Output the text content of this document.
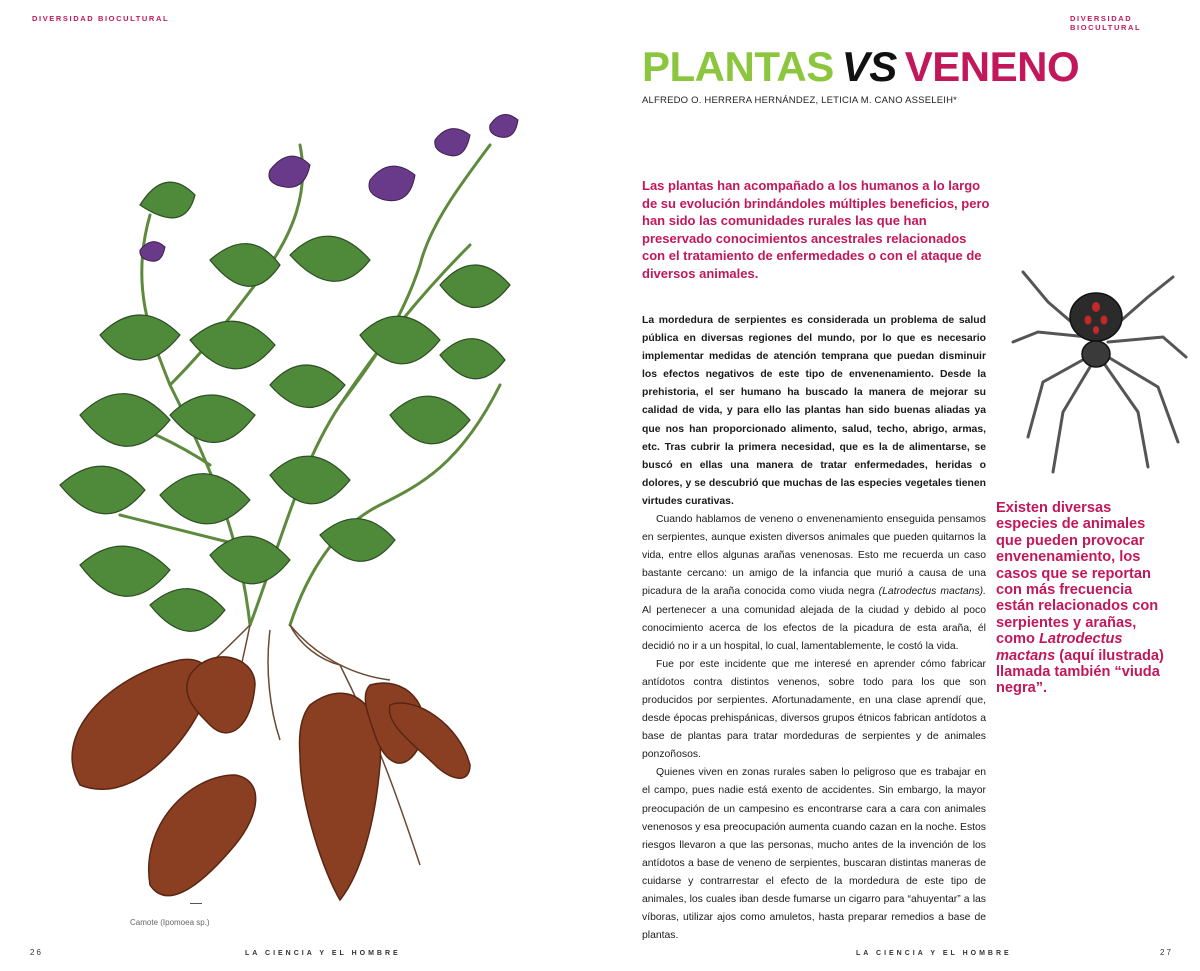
DIVERSIDAD BIOCULTURAL
Camote (Ipomoea sp.)
26	LA CIENCIA Y EL HOMBRE
DIVERSIDAD BIOCULTURAL
PLANTAS VS VENENO
ALFREDO O. HERRERA HERNÁNDEZ, LETICIA M. CANO ASSELEIH*
Las plantas han acompañado a los humanos a lo largo de su evolución brindándoles múltiples beneficios, pero han sido las comunidades rurales las que han preservado conocimientos ancestrales relacionados con el tratamiento de enfermedades o con el ataque de diversos animales.

La mordedura de serpientes es considerada un problema de salud pública en diversas regiones del mundo, por lo que es necesario implementar medidas de atención temprana que puedan disminuir los efectos negativos de este tipo de envenenamiento. Desde la prehistoria, el ser humano ha buscado la manera de mejorar su calidad de vida, y para ello las plantas han sido buenas aliadas ya que nos han proporcionado alimento, salud, techo, abrigo, armas, etc. Tras cubrir la primera necesidad, que es la de alimentarse, se buscó en ellas una manera de tratar enfermedades, heridas o dolores, y se descubrió que muchas de las especies vegetales tienen virtudes curativas.

Cuando hablamos de veneno o envenenamiento enseguida pensamos en serpientes, aunque existen diversos animales que pueden quitarnos la vida, entre ellos algunas arañas venenosas. Esto me recuerda un caso bastante cercano: un amigo de la infancia que murió a causa de una picadura de la araña conocida como viuda negra (Latrodectus mactans). Al pertenecer a una comunidad alejada de la ciudad y debido al poco conocimiento acerca de los efectos de la picadura de esta araña, él decidió no ir a un hospital, lo cual, lamentablemente, le costó la vida.

Fue por este incidente que me interesé en aprender cómo fabricar antídotos contra distintos venenos, sobre todo para los que son producidos por serpientes. Afortunadamente, en una clase aprendí que, desde épocas prehispánicas, diversos grupos étnicos fabrican antídotos a base de plantas para tratar mordeduras de serpientes y de animales ponzoñosos.

Quienes viven en zonas rurales saben lo peligroso que es trabajar en el campo, pues nadie está exento de accidentes. Sin embargo, la mayor preocupación de un campesino es encontrarse cara a cara con animales venenosos y esa preocupación aumenta cuando cazan en la noche. Estos riesgos llevaron a que las personas, mucho antes de la invención de los antídotos a base de veneno de serpientes, buscaran distintas maneras de cuidarse y contrarrestar el efecto de la mordedura de este tipo de animales, los cuales iban desde fumarse un cigarro para “ahuyentar” a las víboras, utilizar ajos como amuletos, hasta preparar remedios a base de plantas.

Existen diversas especies de animales que pueden provocar envenenamiento, los casos que se reportan con más frecuencia están relacionados con serpientes y arañas, como Latrodectus mactans (aquí ilustrada) llamada también “viuda negra”.
LA CIENCIA Y EL HOMBRE	27
